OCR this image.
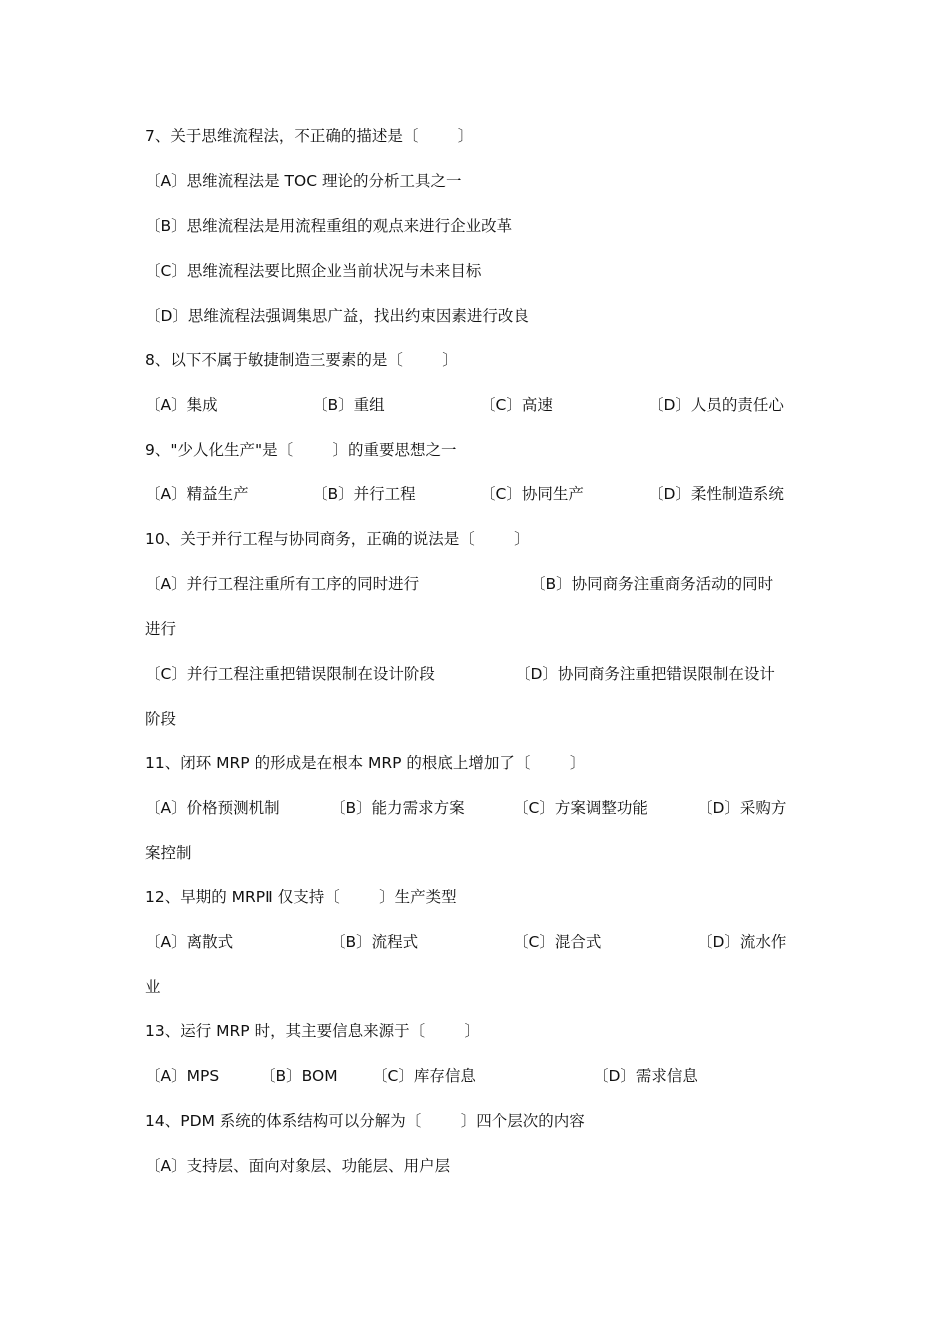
7、关于思维流程法，不正确的描述是〔        〕
〔A〕思维流程法是 TOC 理论的分析工具之一
〔B〕思维流程法是用流程重组的观点来进行企业改革
〔C〕思维流程法要比照企业当前状况与未来目标
〔D〕思维流程法强调集思广益，找出约束因素进行改良
8、以下不属于敏捷制造三要素的是〔        〕
〔A〕集成	〔B〕重组	〔C〕高速	〔D〕人员的责任心
9、"少人化生产"是〔        〕的重要思想之一
〔A〕精益生产	〔B〕并行工程	〔C〕协同生产	〔D〕柔性制造系统
10、关于并行工程与协同商务，正确的说法是〔        〕
〔A〕并行工程注重所有工序的同时进行	〔B〕协同商务注重商务活动的同时
进行
〔C〕并行工程注重把错误限制在设计阶段	〔D〕协同商务注重把错误限制在设计
阶段
11、闭环 MRP 的形成是在根本 MRP 的根底上增加了〔        〕
〔A〕价格预测机制	〔B〕能力需求方案	〔C〕方案调整功能	〔D〕采购方
案控制
12、早期的 MRPⅡ 仅支持〔        〕生产类型
〔A〕离散式	〔B〕流程式	〔C〕混合式	〔D〕流水作
业
13、运行 MRP 时，其主要信息来源于〔        〕
〔A〕MPS	〔B〕BOM 〔C〕库存信息	〔D〕需求信息
14、PDM 系统的体系结构可以分解为〔        〕四个层次的内容
〔A〕支持层、面向对象层、功能层、用户层
